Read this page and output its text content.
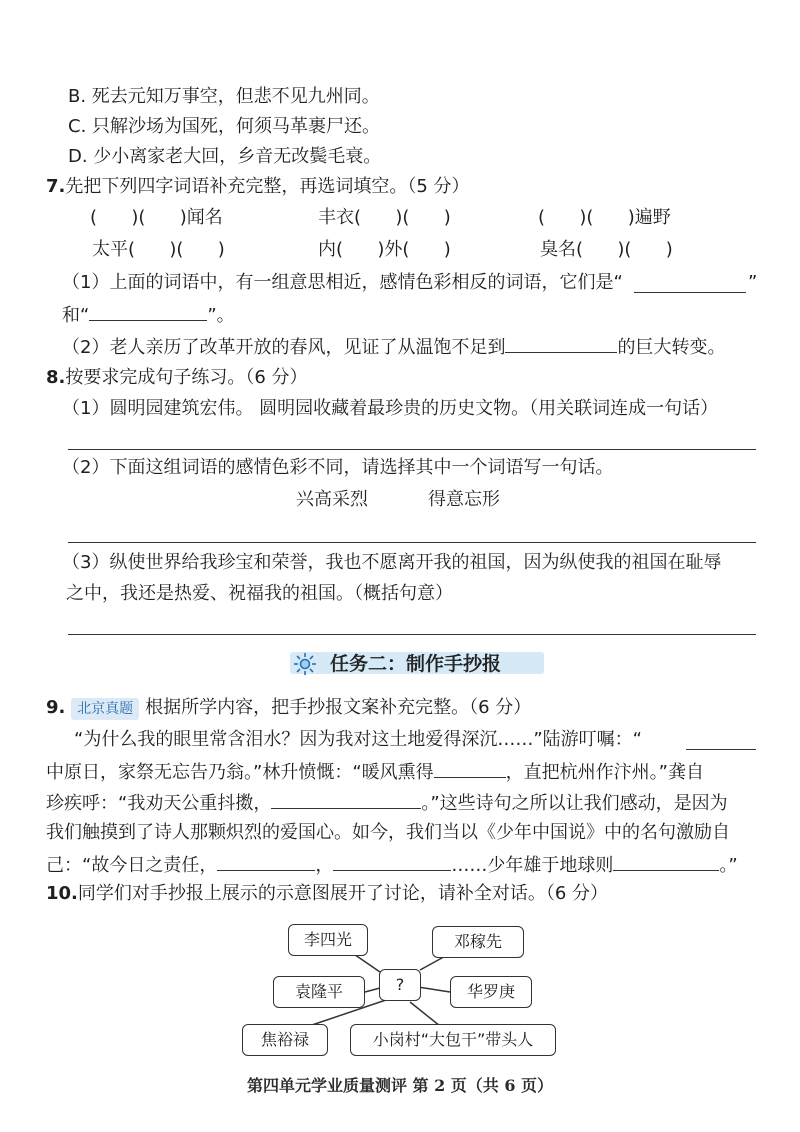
B. 死去元知万事空，但悲不见九州同。
C. 只解沙场为国死，何须马革裹尸还。
D. 少小离家老大回，乡音无改鬓毛衰。
7.先把下列四字词语补充完整，再选词填空。（5 分）
(      )(      )闻名	丰衣(      )(      )	(      )(      )遍野
太平(      )(      )	内(      )外(      )	臭名(      )(      )
（1）上面的词语中，有一组意思相近，感情色彩相反的词语，它们是“	”
和“	”。
（2）老人亲历了改革开放的春风，见证了从温饱不足到	的巨大转变。
8.按要求完成句子练习。（6 分）
（1）圆明园建筑宏伟。 圆明园收藏着最珍贵的历史文物。（用关联词连成一句话）
（2）下面这组词语的感情色彩不同，请选择其中一个词语写一句话。
兴高采烈	得意忘形
（3）纵使世界给我珍宝和荣誉，我也不愿离开我的祖国，因为纵使我的祖国在耻辱
之中，我还是热爱、祝福我的祖国。（概括句意）
任务二：制作手抄报
9. 北京真题 根据所学内容，把手抄报文案补充完整。（6 分）
“为什么我的眼里常含泪水？因为我对这土地爱得深沉……”陆游叮嘱：“
中原日，家祭无忘告乃翁。”林升愤慨：“暖风熏得	，直把杭州作汴州。”龚自
珍疾呼：“我劝天公重抖擞，	。”这些诗句之所以让我们感动，是因为
我们触摸到了诗人那颗炽烈的爱国心。如今，我们当以《少年中国说》中的名句激励自
己：“故今日之责任，	，	……少年雄于地球则	。”
10.同学们对手抄报上展示的示意图展开了讨论，请补全对话。（6 分）
?
李四光	邓稼先
袁隆平	华罗庚
焦裕禄	小岗村“大包干”带头人
第四单元学业质量测评 第 2 页（共 6 页）
